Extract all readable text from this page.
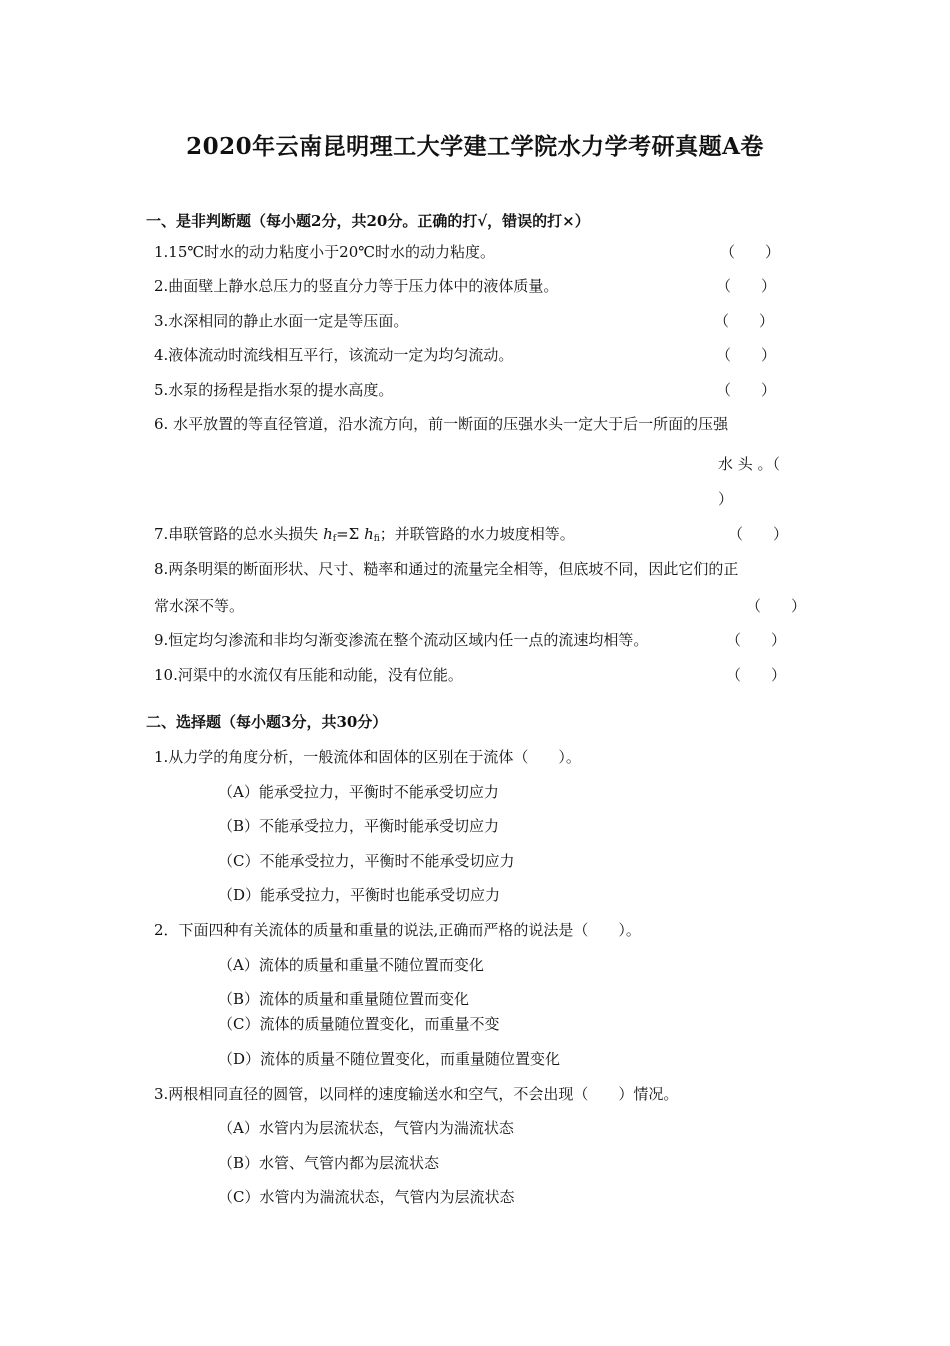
2020年云南昆明理工大学建工学院水力学考研真题A卷
一、是非判断题（每小题2分，共20分。正确的打√，错误的打×）
1.15℃时水的动力粘度小于20℃时水的动力粘度。	（　　）
2.曲面壁上静水总压力的竖直分力等于压力体中的液体质量。	（　　）
3.水深相同的静止水面一定是等压面。	（　　）
4.液体流动时流线相互平行，该流动一定为均匀流动。	（　　）
5.水泵的扬程是指水泵的提水高度。	（　　）
6. 水平放置的等直径管道，沿水流方向，前一断面的压强水头一定大于后一所面的压强
水 头 。（
）
7.串联管路的总水头损失 $h_f=\Sigma$ $h_{fi}$；并联管路的水力坡度相等。	（　　）
8.两条明渠的断面形状、尺寸、糙率和通过的流量完全相等，但底坡不同，因此它们的正
常水深不等。	（　　）
9.恒定均匀渗流和非均匀渐变渗流在整个流动区域内任一点的流速均相等。	（　　）
10.河渠中的水流仅有压能和动能，没有位能。	（　　）
二、选择题（每小题3分，共30分）
1.从力学的角度分析，一般流体和固体的区别在于流体（　　）。
（A）能承受拉力，平衡时不能承受切应力
（B）不能承受拉力，平衡时能承受切应力
（C）不能承受拉力，平衡时不能承受切应力
（D）能承受拉力，平衡时也能承受切应力
2．下面四种有关流体的质量和重量的说法,正确而严格的说法是（　　）。
（A）流体的质量和重量不随位置而变化
（B）流体的质量和重量随位置而变化
（C）流体的质量随位置变化，而重量不变
（D）流体的质量不随位置变化，而重量随位置变化
3.两根相同直径的圆管，以同样的速度输送水和空气，不会出现（　　）情况。
（A）水管内为层流状态，气管内为湍流状态
（B）水管、气管内都为层流状态
（C）水管内为湍流状态，气管内为层流状态
